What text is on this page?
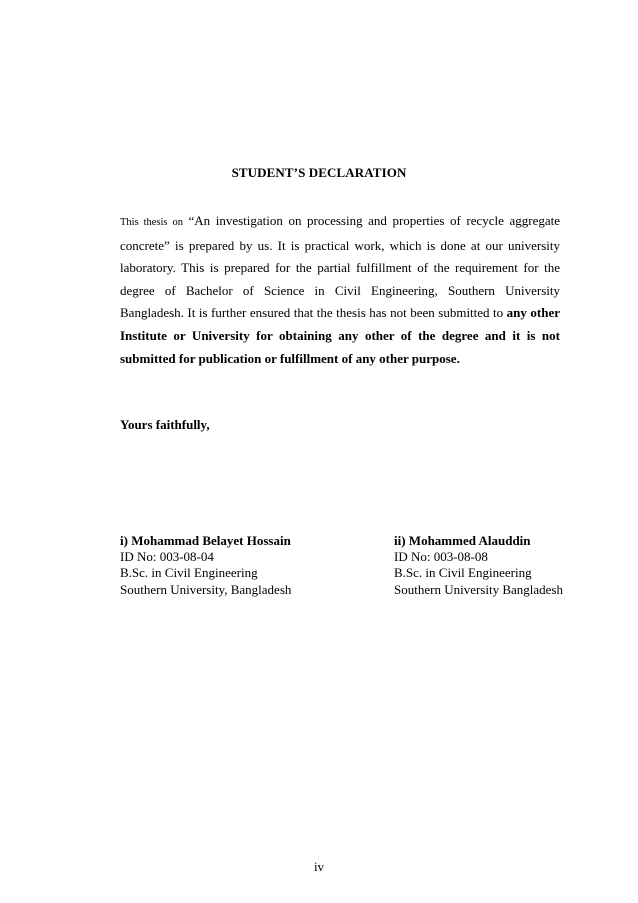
STUDENT’S DECLARATION

This thesis on “An investigation on processing and properties of recycle aggregate concrete” is prepared by us. It is practical work, which is done at our university laboratory. This is prepared for the partial fulfillment of the requirement for the degree of Bachelor of Science in Civil Engineering, Southern University Bangladesh. It is further ensured that the thesis has not been submitted to any other Institute or University for obtaining any other of the degree and it is not submitted for publication or fulfillment of any other purpose.

Yours faithfully,
i) Mohammad Belayet Hossain
ID No: 003-08-04
B.Sc. in Civil Engineering
Southern University, Bangladesh
ii) Mohammed Alauddin
ID No: 003-08-08
B.Sc. in Civil Engineering
Southern University Bangladesh
iv
